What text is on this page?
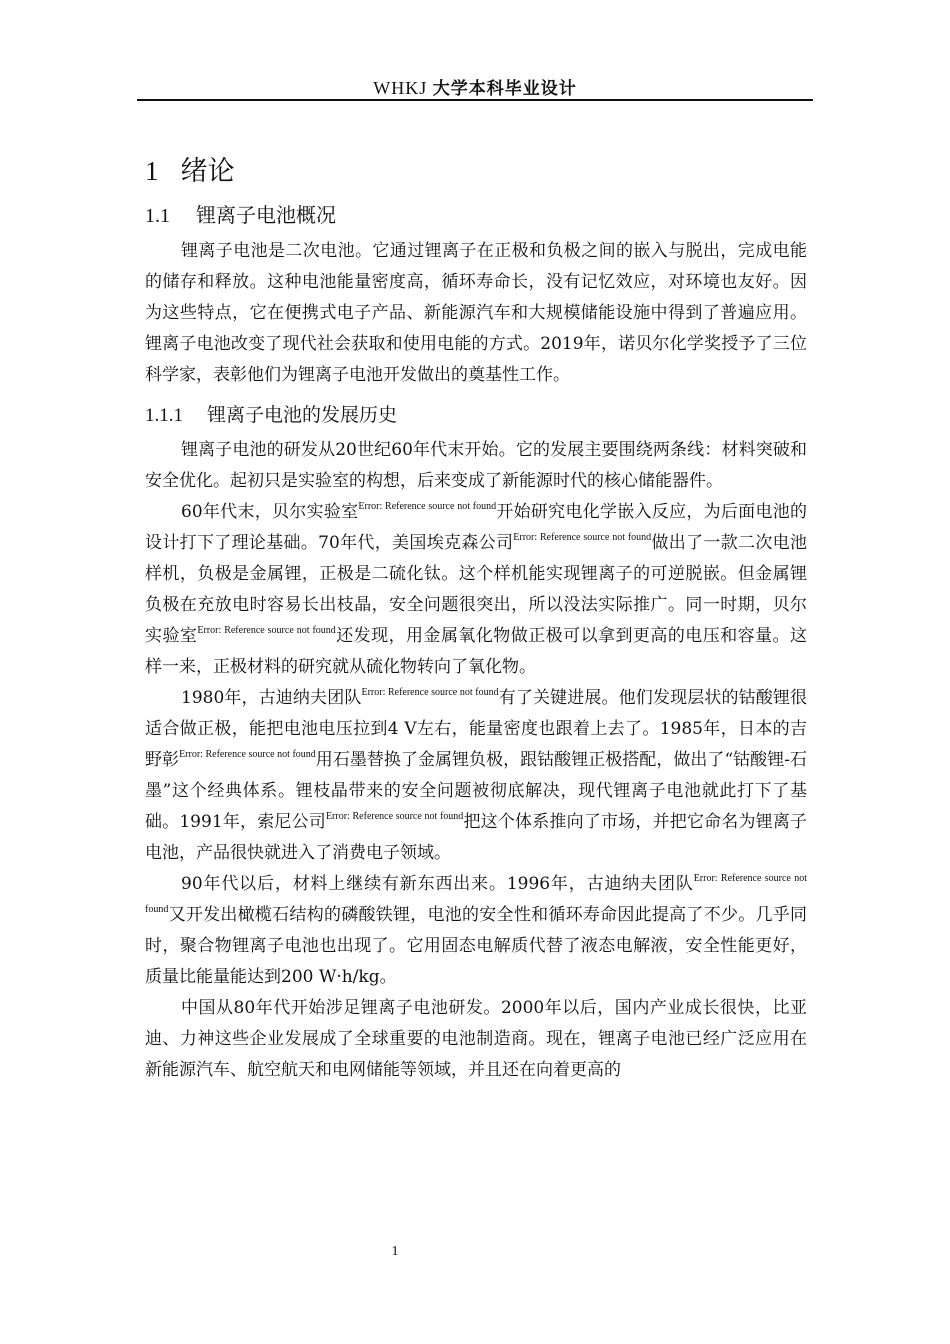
WHKJ 大学本科毕业设计
1 绪论
1.1 锂离子电池概况

锂离子电池是二次电池。它通过锂离子在正极和负极之间的嵌入与脱出，完成电能的储存和释放。这种电池能量密度高，循环寿命长，没有记忆效应，对环境也友好。因为这些特点，它在便携式电子产品、新能源汽车和大规模储能设施中得到了普遍应用。锂离子电池改变了现代社会获取和使用电能的方式。2019年，诺贝尔化学奖授予了三位科学家，表彰他们为锂离子电池开发做出的奠基性工作。

1.1.1 锂离子电池的发展历史

锂离子电池的研发从20世纪60年代末开始。它的发展主要围绕两条线：材料突破和安全优化。起初只是实验室的构想，后来变成了新能源时代的核心储能器件。

60年代末，贝尔实验室$^{Error: Reference source not found}$开始研究电化学嵌入反应，为后面电池的设计打下了理论基础。70年代，美国埃克森公司$^{Error: Reference source not found}$做出了一款二次电池样机，负极是金属锂，正极是二硫化钛。这个样机能实现锂离子的可逆脱嵌。但金属锂负极在充放电时容易长出枝晶，安全问题很突出，所以没法实际推广。同一时期，贝尔实验室$^{Error: Reference source not found}$还发现，用金属氧化物做正极可以拿到更高的电压和容量。这样一来，正极材料的研究就从硫化物转向了氧化物。

1980年，古迪纳夫团队$^{Error: Reference source not found}$有了关键进展。他们发现层状的钴酸锂很适合做正极，能把电池电压拉到4 V左右，能量密度也跟着上去了。1985年，日本的吉野彰$^{Error: Reference source not found}$用石墨替换了金属锂负极，跟钴酸锂正极搭配，做出了“钴酸锂-石墨”这个经典体系。锂枝晶带来的安全问题被彻底解决，现代锂离子电池就此打下了基础。1991年，索尼公司$^{Error: Reference source not found}$把这个体系推向了市场，并把它命名为锂离子电池，产品很快就进入了消费电子领域。

90年代以后，材料上继续有新东西出来。1996年，古迪纳夫团队$^{Error: Reference source not found}$又开发出橄榄石结构的磷酸铁锂，电池的安全性和循环寿命因此提高了不少。几乎同时，聚合物锂离子电池也出现了。它用固态电解质代替了液态电解液，安全性能更好，质量比能量能达到200 W·h/kg。

中国从80年代开始涉足锂离子电池研发。2000年以后，国内产业成长很快，比亚迪、力神这些企业发展成了全球重要的电池制造商。现在，锂离子电池已经广泛应用在新能源汽车、航空航天和电网储能等领域，并且还在向着更高的

1
